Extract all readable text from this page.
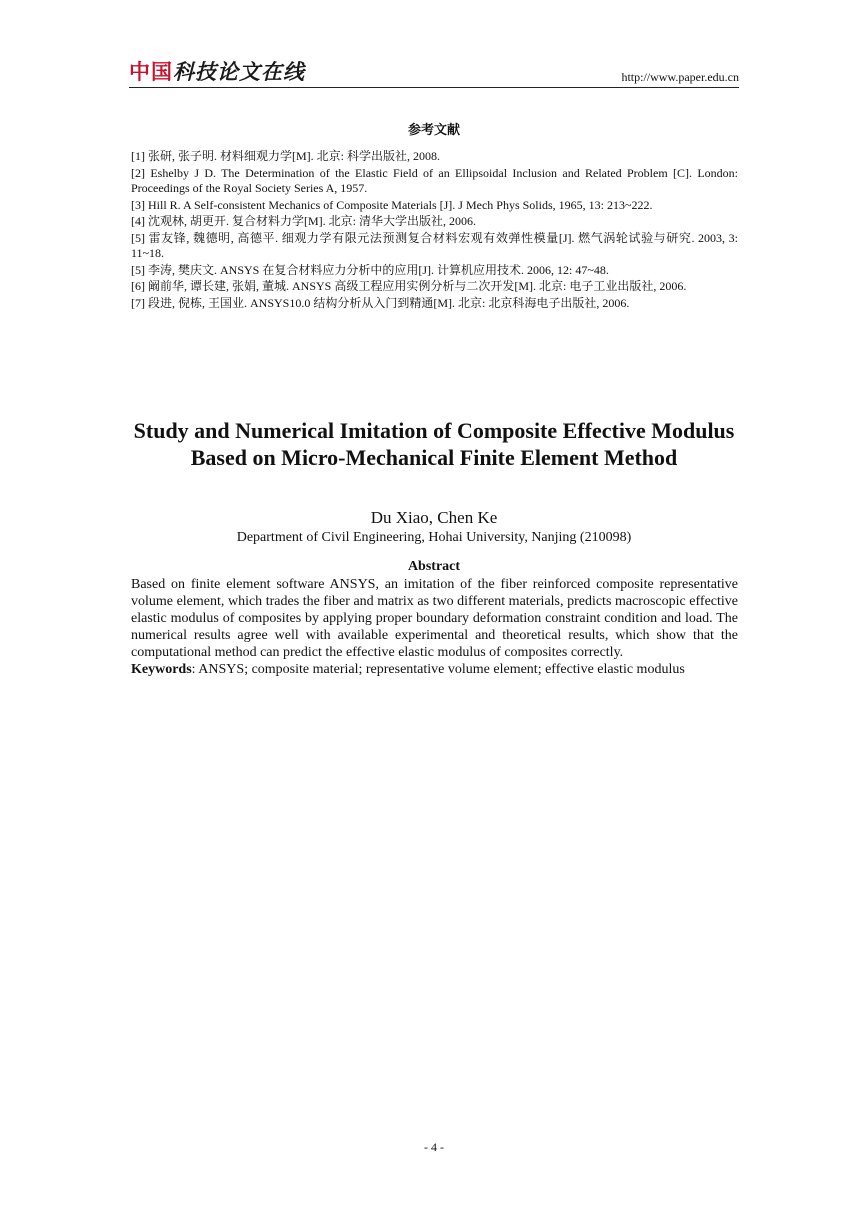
中国科技论文在线	http://www.paper.edu.cn
参考文献

[1] 张研, 张子明. 材料细观力学[M]. 北京: 科学出版社, 2008.

[2] Eshelby J D. The Determination of the Elastic Field of an Ellipsoidal Inclusion and Related Problem [C]. London: Proceedings of the Royal Society Series A, 1957.

[3] Hill R. A Self-consistent Mechanics of Composite Materials [J]. J Mech Phys Solids, 1965, 13: 213~222.

[4] 沈观林, 胡更开. 复合材料力学[M]. 北京: 清华大学出版社, 2006.

[5] 雷友锋, 魏德明, 高德平. 细观力学有限元法预测复合材料宏观有效弹性模量[J]. 燃气涡轮试验与研究. 2003, 3: 11~18.

[5] 李涛, 樊庆文. ANSYS 在复合材料应力分析中的应用[J]. 计算机应用技术. 2006, 12: 47~48.

[6] 阚前华, 谭长建, 张娟, 董城. ANSYS 高级工程应用实例分析与二次开发[M]. 北京: 电子工业出版社, 2006.

[7] 段进, 倪栋, 王国业. ANSYS10.0 结构分析从入门到精通[M]. 北京: 北京科海电子出版社, 2006.

Study and Numerical Imitation of Composite Effective Modulus Based on Micro-Mechanical Finite Element Method
Du Xiao, Chen Ke
Department of Civil Engineering, Hohai University, Nanjing (210098)
Abstract

Based on finite element software ANSYS, an imitation of the fiber reinforced composite representative volume element, which trades the fiber and matrix as two different materials, predicts macroscopic effective elastic modulus of composites by applying proper boundary deformation constraint condition and load. The numerical results agree well with available experimental and theoretical results, which show that the computational method can predict the effective elastic modulus of composites correctly.

Keywords: ANSYS; composite material; representative volume element; effective elastic modulus

- 4 -
